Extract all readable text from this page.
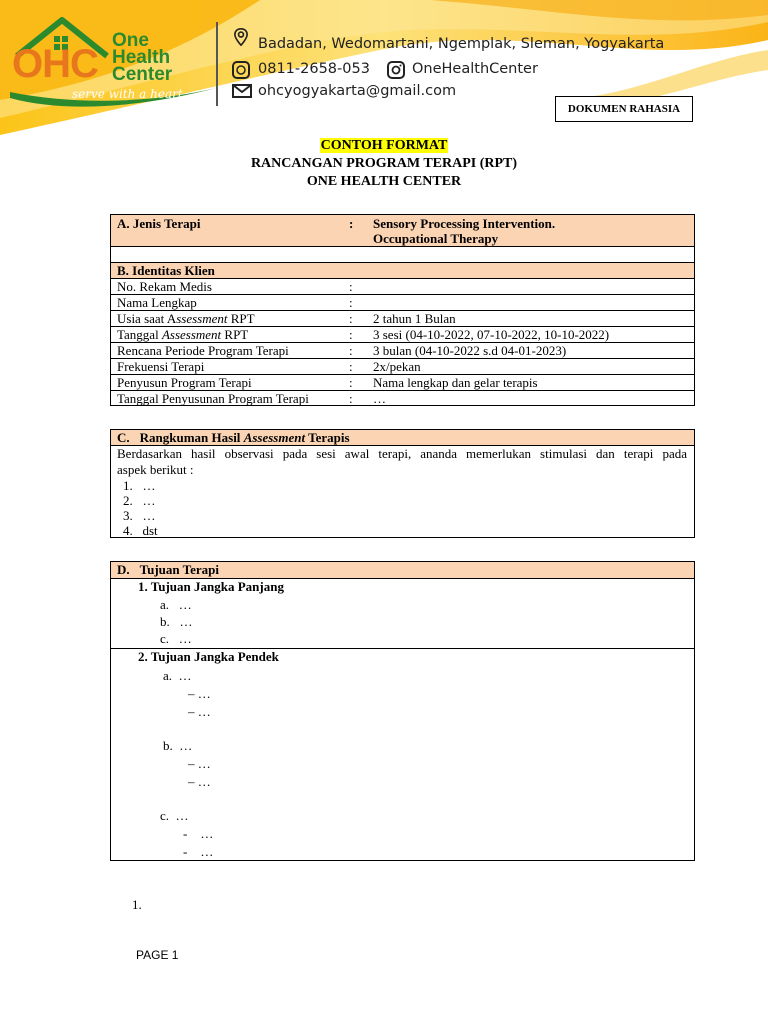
OHC
One
Health
Center
serve with a heart
Badadan, Wedomartani, Ngemplak, Sleman, Yogyakarta
0811-2658-053	OneHealthCenter
ohcyogyakarta@gmail.com
DOKUMEN RAHASIA
CONTOH FORMAT
RANCANGAN PROGRAM TERAPI (RPT)
ONE HEALTH CENTER
A. Jenis Terapi	: Sensory Processing Intervention.
Occupational Therapy
B. Identitas Klien
No. Rekam Medis	:
Nama Lengkap	:
Usia saat Assessment RPT	: 2 tahun 1 Bulan
Tanggal Assessment RPT	: 3 sesi (04-10-2022, 07-10-2022, 10-10-2022)
Rencana Periode Program Terapi	: 3 bulan (04-10-2022 s.d 04-01-2023)
Frekuensi Terapi	: 2x/pekan
Penyusun Program Terapi	: Nama lengkap dan gelar terapis
Tanggal Penyusunan Program Terapi	: …
C. Rangkuman Hasil Assessment Terapis
Berdasarkan hasil observasi pada sesi awal terapi, ananda memerlukan stimulasi dan terapi pada
aspek berikut :
1. …
2. …
3. …
4. dst
D. Tujuan Terapi
1. Tujuan Jangka Panjang
a. …
b. …
c. …
2. Tujuan Jangka Pendek
a. …
– …
– …
b. …
– …
– …
c. …
-    …
-    …
1.
PAGE 1
